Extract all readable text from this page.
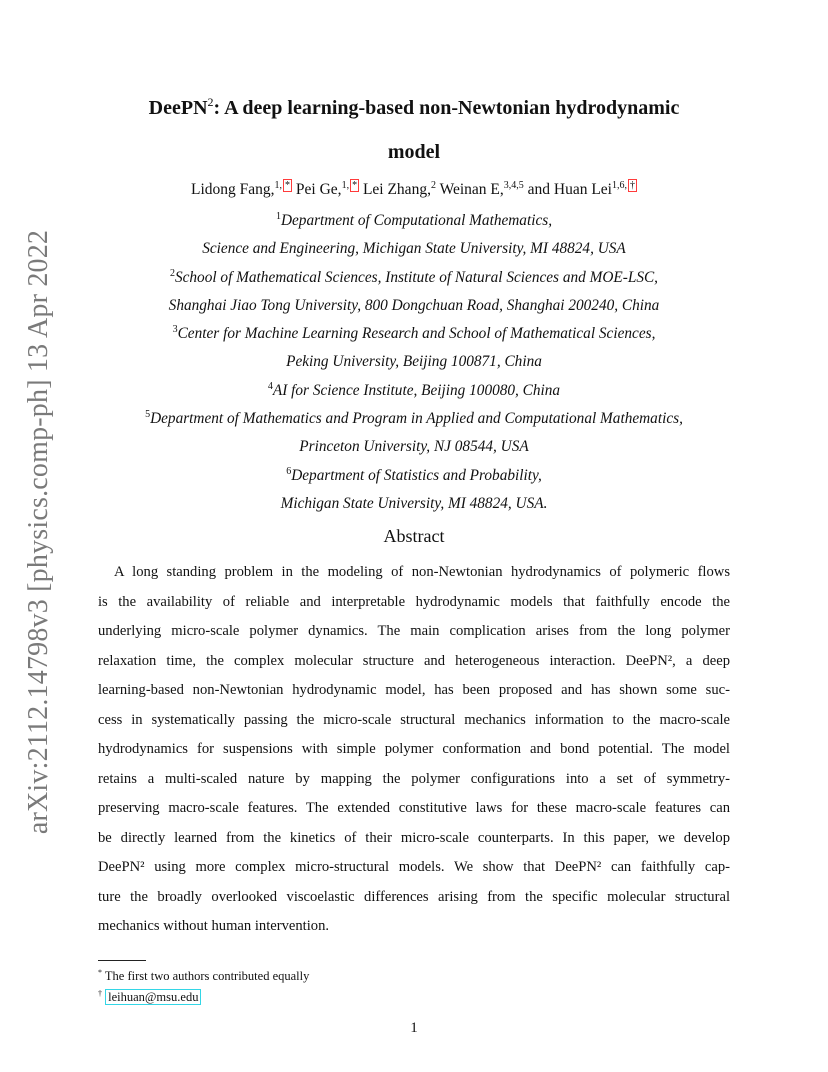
arXiv:2112.14798v3 [physics.comp-ph] 13 Apr 2022
DeePN$^2$: A deep learning-based non-Newtonian hydrodynamic
model
Lidong Fang,$^{1,}$ * Pei Ge,$^{1,}$ * Lei Zhang,$^2$ Weinan E,$^{3,4,5}$ and Huan Lei$^{1,6,}$ †
$^1$Department of Computational Mathematics,
Science and Engineering, Michigan State University, MI 48824, USA
$^2$School of Mathematical Sciences, Institute of Natural Sciences and MOE-LSC,
Shanghai Jiao Tong University, 800 Dongchuan Road, Shanghai 200240, China
$^3$Center for Machine Learning Research and School of Mathematical Sciences,
Peking University, Beijing 100871, China
$^4$AI for Science Institute, Beijing 100080, China
$^5$Department of Mathematics and Program in Applied and Computational Mathematics,
Princeton University, NJ 08544, USA
$^6$Department of Statistics and Probability,
Michigan State University, MI 48824, USA.
Abstract
A long standing problem in the modeling of non-Newtonian hydrodynamics of polymeric flows
is the availability of reliable and interpretable hydrodynamic models that faithfully encode the
underlying micro-scale polymer dynamics. The main complication arises from the long polymer
relaxation time, the complex molecular structure and heterogeneous interaction. DeePN², a deep
learning-based non-Newtonian hydrodynamic model, has been proposed and has shown some suc-
cess in systematically passing the micro-scale structural mechanics information to the macro-scale
hydrodynamics for suspensions with simple polymer conformation and bond potential. The model
retains a multi-scaled nature by mapping the polymer configurations into a set of symmetry-
preserving macro-scale features. The extended constitutive laws for these macro-scale features can
be directly learned from the kinetics of their micro-scale counterparts. In this paper, we develop
DeePN² using more complex micro-structural models. We show that DeePN² can faithfully cap-
ture the broadly overlooked viscoelastic differences arising from the specific molecular structural
mechanics without human intervention.
* The first two authors contributed equally
† leihuan@msu.edu
1
